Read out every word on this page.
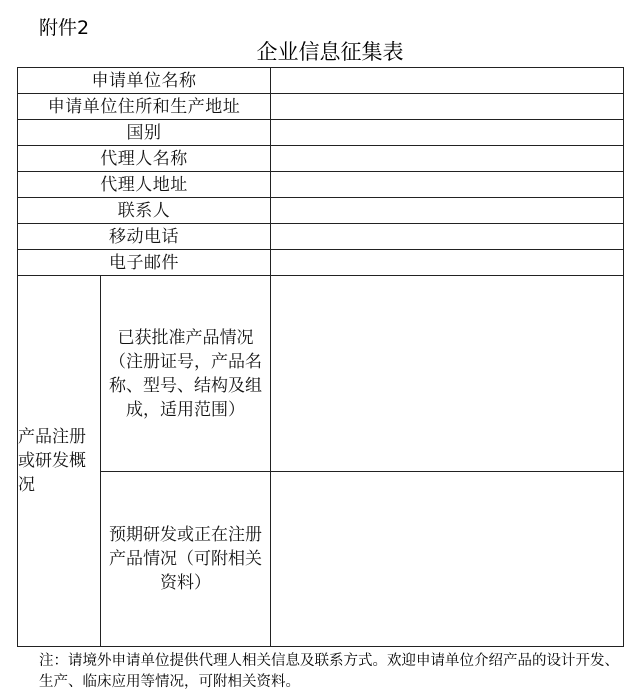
附件2
企业信息征集表
申请单位名称		
申请单位住所和生产地址		
国别		
代理人名称		
代理人地址		
联系人		
移动电话		
电子邮件		
产品注册或研发概况	已获批准产品情况（注册证号，产品名称、型号、结构及组成，适用范围）	
	预期研发或正在注册产品情况（可附相关资料）	
注：请境外申请单位提供代理人相关信息及联系方式。欢迎申请单位介绍产品的设计开发、生产、临床应用等情况，可附相关资料。
